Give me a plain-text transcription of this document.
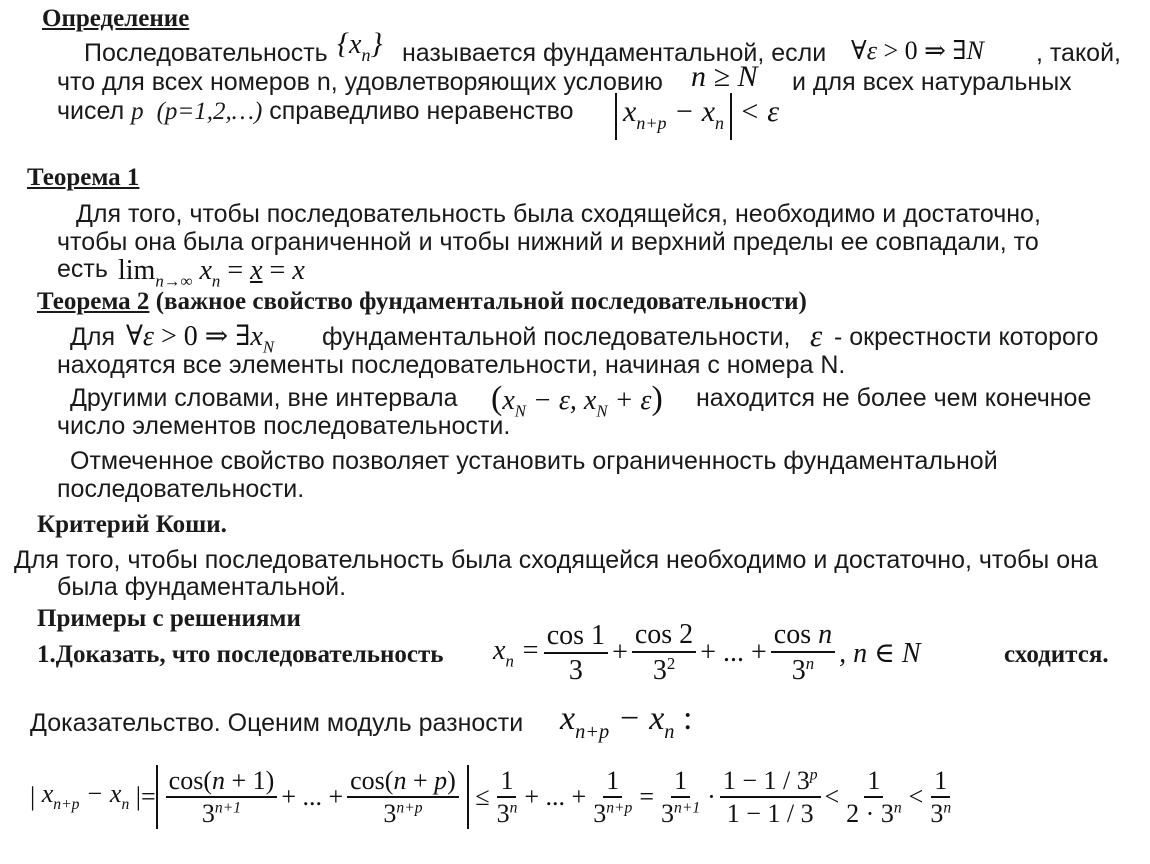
Определение
Последовательность $\{x_n\}$ называется фундаментальной, если ∀ε > 0 ⇒ ∃N , такой,
что для всех номеров n, удовлетворяющих условию n ≥ N и для всех натуральных
чисел p (p=1,2,…) справедливо неравенство $x_{n+p} - x_n < \varepsilon$
Теорема 1
Для того, чтобы последовательность была сходящейся, необходимо и достаточно,
чтобы она была ограниченной и чтобы нижний и верхний пределы ее совпадали, то
есть $\lim_{n\to\infty} x_n = x = x$
Теорема 2 (важное свойство фундаментальной последовательности)
Для ∀ε > 0 ⇒ $\exists x_N$ фундаментальной последовательности, ε - окрестности которого
находятся все элементы последовательности, начиная с номера N.
Другими словами, вне интервала ($x_N - \varepsilon$, $x_N + \varepsilon$) находится не более чем конечное
число элементов последовательности.
Отмеченное свойство позволяет установить ограниченность фундаментальной
последовательности.
Критерий Коши.
Для того, чтобы последовательность была сходящейся необходимо и достаточно, чтобы она
была фундаментальной.
Примеры с решениями
1.Доказать, что последовательность $x_n = \frac{\cos 1}{3} + \frac{\cos 2}{3^2}$ + ... + $\frac{\text{cos n}}{3^n}$ , n ∈ N	сходится.
Доказательство. Оценим модуль разности $x_{n+p} - x_n$ :
| $x_{n+p} - x_n$ |= $\frac{\cos(n + 1)}{3^{n+1}}$ + ... + $\frac{\cos(n + p)}{3^{n+p}} \le \frac{1}{3^n}$ + ... + $\frac{1}{3^{n+p}} = \frac{1}{3^{n+1}} \cdot \frac{1 - 1 / 3^p}{1 - 1 / 3} < \frac{1}{2 \cdot 3^n} < \frac{1}{3^n}$
